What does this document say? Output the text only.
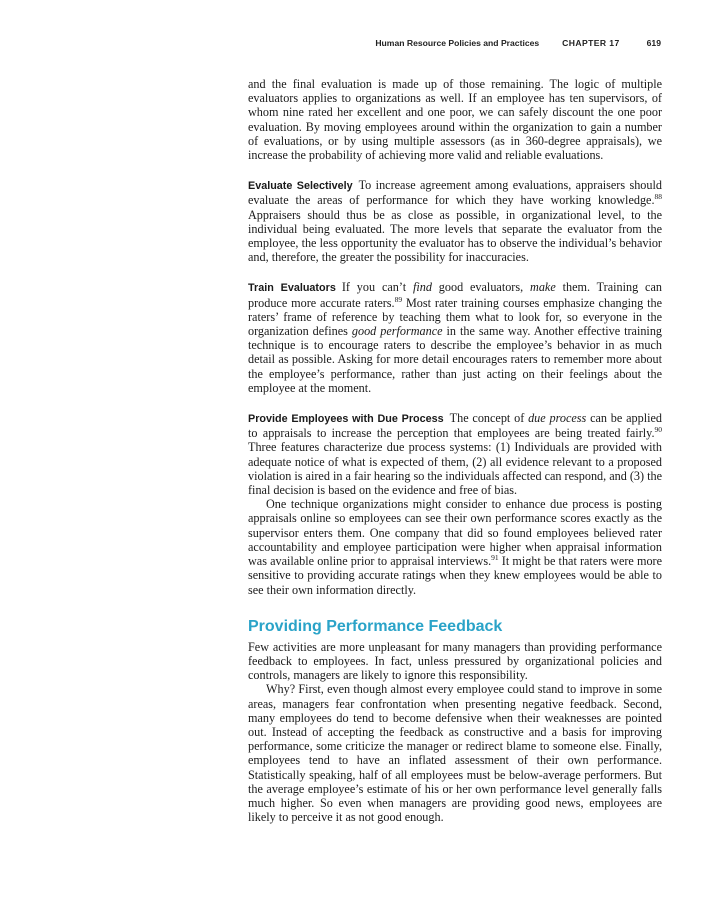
Human Resource Policies and Practices	CHAPTER 17	619

and the final evaluation is made up of those remaining. The logic of multiple evaluators applies to organizations as well. If an employee has ten supervisors, of whom nine rated her excellent and one poor, we can safely discount the one poor evaluation. By moving employees around within the organization to gain a number of evaluations, or by using multiple assessors (as in 360-degree appraisals), we increase the probability of achieving more valid and reliable evaluations.

Evaluate Selectively To increase agreement among evaluations, appraisers should evaluate the areas of performance for which they have working knowledge.$^{88}$ Appraisers should thus be as close as possible, in organizational level, to the individual being evaluated. The more levels that separate the evaluator from the employee, the less opportunity the evaluator has to observe the individual’s behavior and, therefore, the greater the possibility for inaccuracies.

Train Evaluators If you can’t find good evaluators, make them. Training can produce more accurate raters.$^{89}$ Most rater training courses emphasize changing the raters’ frame of reference by teaching them what to look for, so everyone in the organization defines good performance in the same way. Another effective training technique is to encourage raters to describe the employee’s behavior in as much detail as possible. Asking for more detail encourages raters to remember more about the employee’s performance, rather than just acting on their feelings about the employee at the moment.

Provide Employees with Due Process The concept of due process can be applied to appraisals to increase the perception that employees are being treated fairly.$^{90}$ Three features characterize due process systems: (1) Individuals are provided with adequate notice of what is expected of them, (2) all evidence relevant to a proposed violation is aired in a fair hearing so the individuals affected can respond, and (3) the final decision is based on the evidence and free of bias.

One technique organizations might consider to enhance due process is posting appraisals online so employees can see their own performance scores exactly as the supervisor enters them. One company that did so found employees believed rater accountability and employee participation were higher when appraisal information was available online prior to appraisal interviews.$^{91}$ It might be that raters were more sensitive to providing accurate ratings when they knew employees would be able to see their own information directly.

Providing Performance Feedback

Few activities are more unpleasant for many managers than providing performance feedback to employees. In fact, unless pressured by organizational policies and controls, managers are likely to ignore this responsibility.

Why? First, even though almost every employee could stand to improve in some areas, managers fear confrontation when presenting negative feedback. Second, many employees do tend to become defensive when their weaknesses are pointed out. Instead of accepting the feedback as constructive and a basis for improving performance, some criticize the manager or redirect blame to someone else. Finally, employees tend to have an inflated assessment of their own performance. Statistically speaking, half of all employees must be below-average performers. But the average employee’s estimate of his or her own performance level generally falls much higher. So even when managers are providing good news, employees are likely to perceive it as not good enough.
